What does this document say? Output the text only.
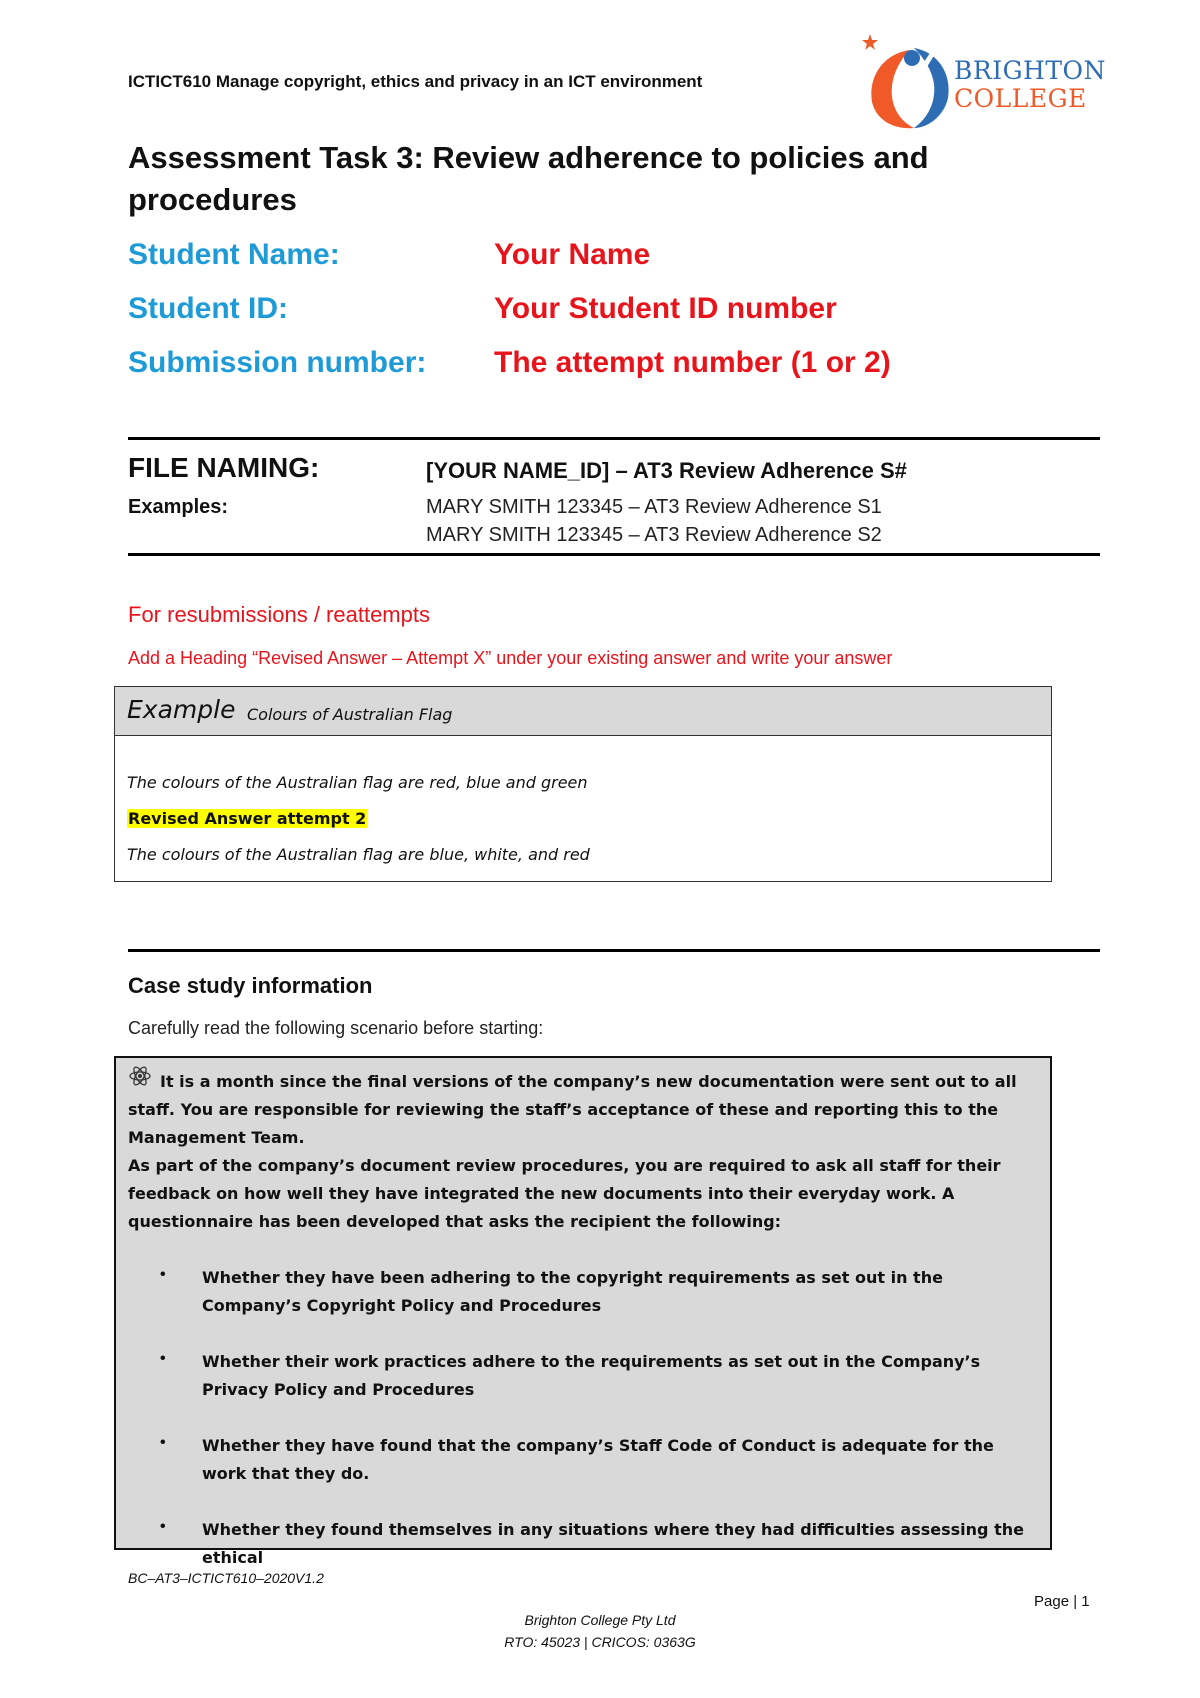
ICTICT610 Manage copyright, ethics and privacy in an ICT environment	BRIGHTON
COLLEGE
Assessment Task 3: Review adherence to policies and procedures
Student Name:	Your Name
Student ID:	Your Student ID number
Submission number: The attempt number (1 or 2)
FILE NAMING:	[YOUR NAME_ID] – AT3 Review Adherence S#
Examples:	MARY SMITH 123345 – AT3 Review Adherence S1
MARY SMITH 123345 – AT3 Review Adherence S2
For resubmissions / reattempts
Add a Heading “Revised Answer – Attempt X” under your existing answer and write your answer
Example Colours of Australian Flag
The colours of the Australian flag are red, blue and green
Revised Answer attempt 2
The colours of the Australian flag are blue, white, and red
Case study information
Carefully read the following scenario before starting:
It is a month since the final versions of the company’s new documentation were sent out to all staff. You are responsible for reviewing the staff’s acceptance of these and reporting this to the Management Team.
As part of the company’s document review procedures, you are required to ask all staff for their feedback on how well they have integrated the new documents into their everyday work. A questionnaire has been developed that asks the recipient the following:
• Whether they have been adhering to the copyright requirements as set out in the Company’s Copyright Policy and Procedures
• Whether their work practices adhere to the requirements as set out in the Company’s Privacy Policy and Procedures
• Whether they have found that the company’s Staff Code of Conduct is adequate for the work that they do.
• Whether they found themselves in any situations where they had difficulties assessing the ethical
BC–AT3–ICTICT610–2020V1.2
Page | 1
Brighton College Pty Ltd
RTO: 45023 | CRICOS: 0363G
